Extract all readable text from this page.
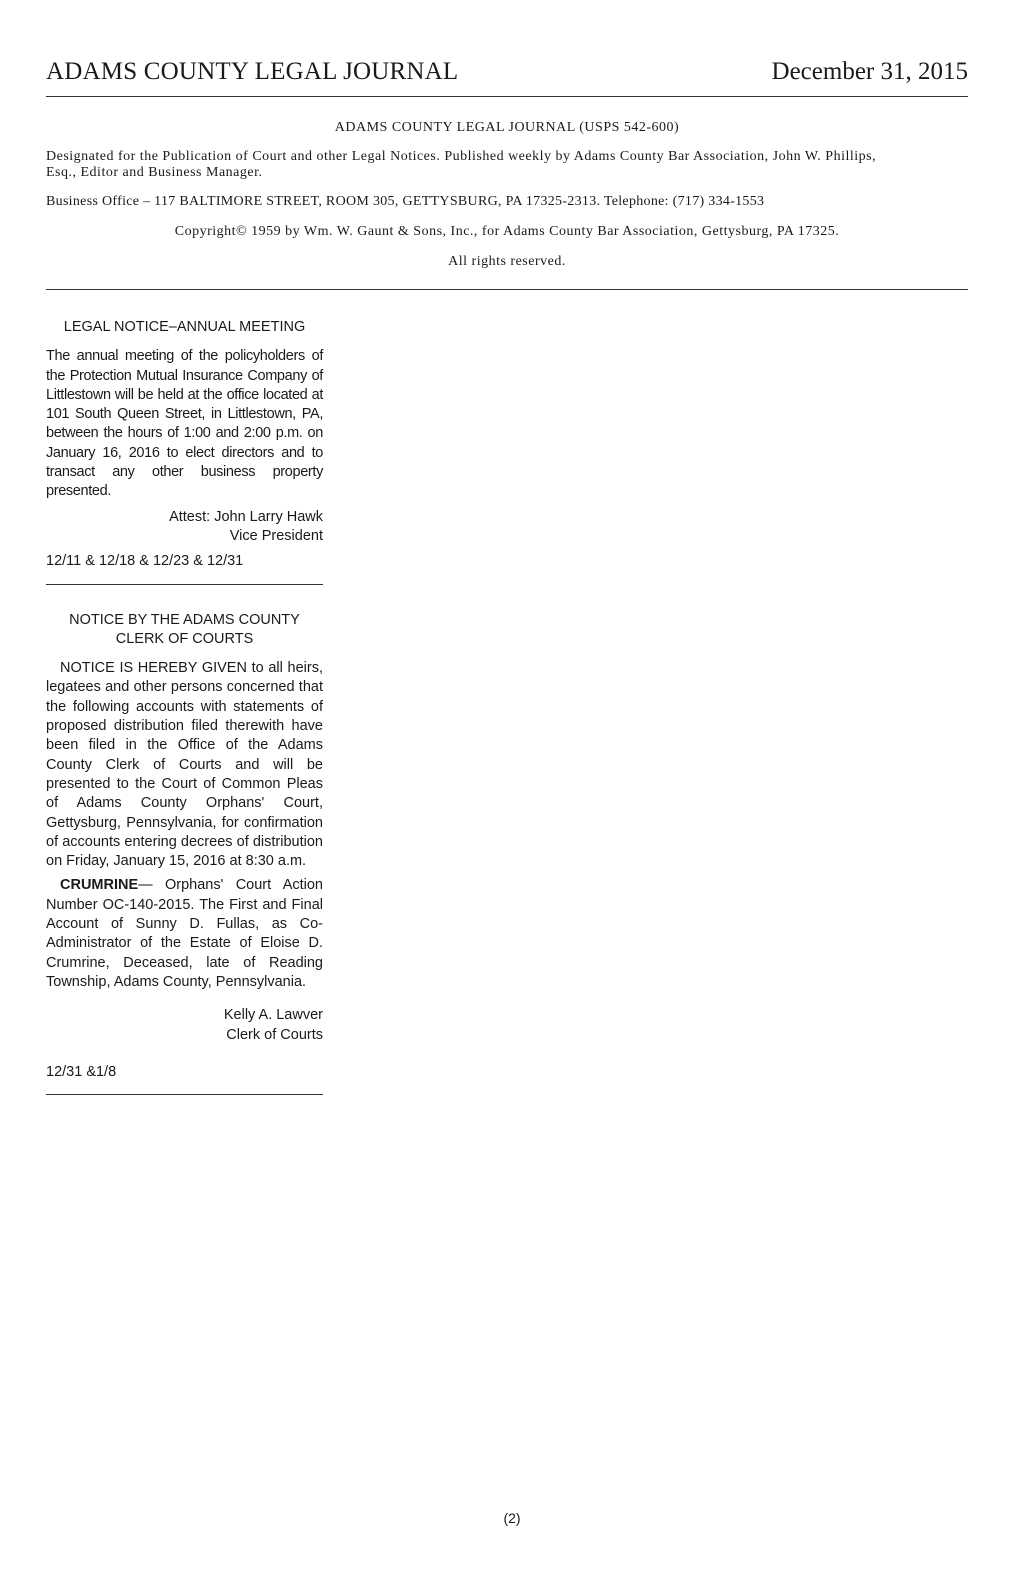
ADAMS COUNTY LEGAL JOURNAL	December 31, 2015
ADAMS COUNTY LEGAL JOURNAL (USPS 542-600)
Designated for the Publication of Court and other Legal Notices. Published weekly by Adams County Bar Association, John W. Phillips, Esq., Editor and Business Manager.
Business Office – 117 BALTIMORE STREET, ROOM 305, GETTYSBURG, PA 17325-2313. Telephone: (717) 334-1553
Copyright© 1959 by Wm. W. Gaunt & Sons, Inc., for Adams County Bar Association, Gettysburg, PA 17325.
All rights reserved.

LEGAL NOTICE–ANNUAL MEETING

The annual meeting of the policyholders of the Protection Mutual Insurance Company of Littlestown will be held at the office located at 101 South Queen Street, in Littlestown, PA, between the hours of 1:00 and 2:00 p.m. on January 16, 2016 to elect directors and to transact any other business property presented.

Attest: John Larry Hawk

Vice President

12/11 & 12/18 & 12/23 & 12/31

NOTICE BY THE ADAMS COUNTY
CLERK OF COURTS

NOTICE IS HEREBY GIVEN to all heirs, legatees and other persons concerned that the following accounts with statements of proposed distribution filed therewith have been filed in the Office of the Adams County Clerk of Courts and will be presented to the Court of Common Pleas of Adams County Orphans' Court, Gettysburg, Pennsylvania, for confirmation of accounts entering decrees of distribution on Friday, January 15, 2016 at 8:30 a.m.

CRUMRINE— Orphans' Court Action Number OC-140-2015. The First and Final Account of Sunny D. Fullas, as Co-Administrator of the Estate of Eloise D. Crumrine, Deceased, late of Reading Township, Adams County, Pennsylvania.

Kelly A. Lawver

Clerk of Courts

12/31 &1/8

(2)
